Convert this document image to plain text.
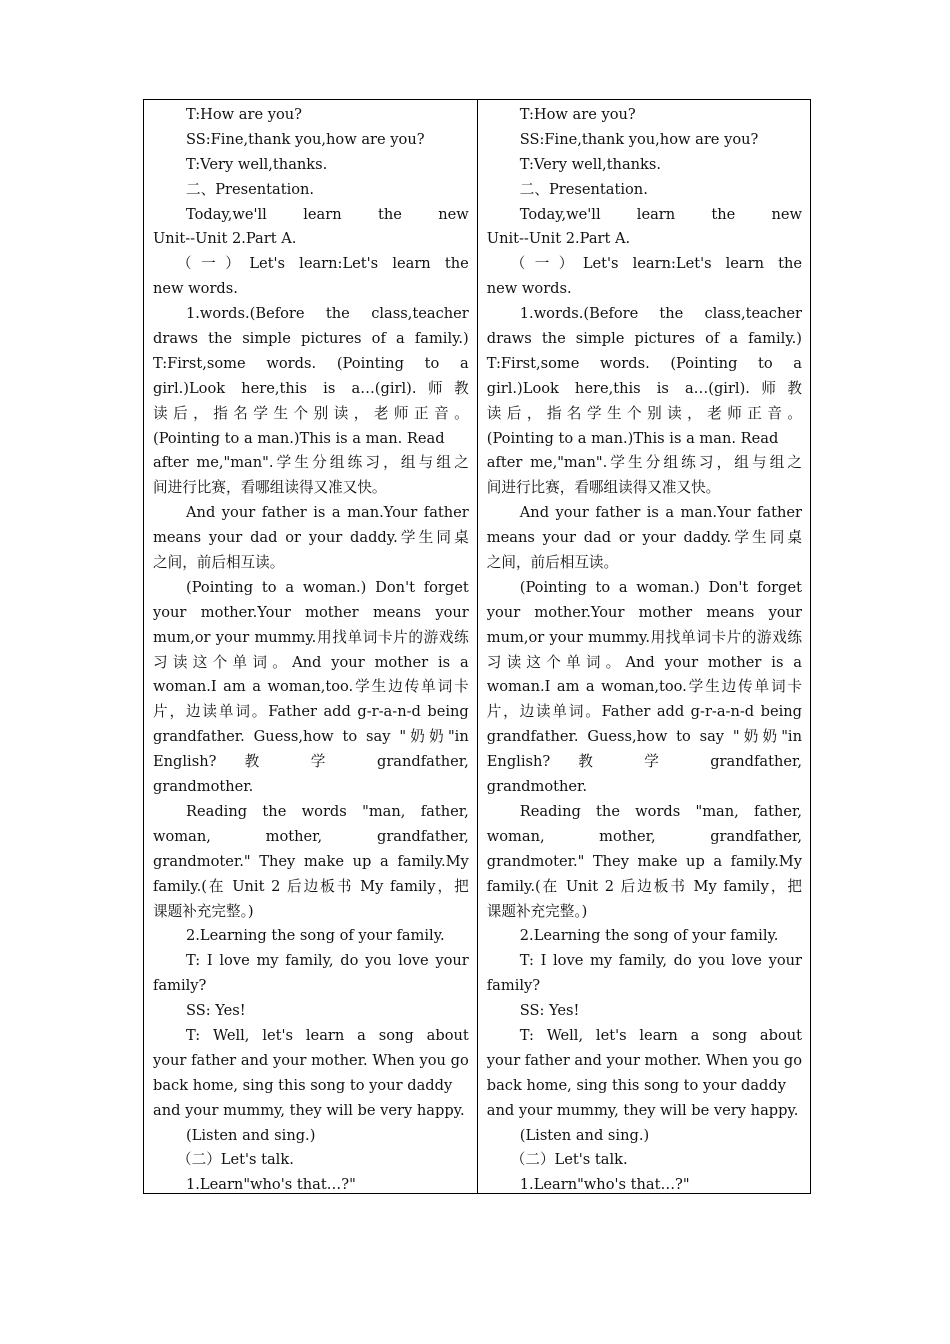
T:How are you?
SS:Fine,thank you,how are you?
T:Very well,thanks.
二、Presentation.
Today,we'll learn the new
Unit--Unit 2.Part A.
（一）Let's learn:Let's learn the
new words.
1.words.(Before the class,teacher
draws the simple pictures of a family.)
T:First,some words. (Pointing to a
girl.)Look here,this is a…(girl).师教
读后，指名学生个别读，老师正音。
(Pointing to a man.)This is a man. Read
after me,"man".学生分组练习，组与组之
间进行比赛，看哪组读得又准又快。
And your father is a man.Your father
means your dad or your daddy.学生同桌
之间，前后相互读。
(Pointing to a woman.) Don't forget
your mother.Your mother means your
mum,or your mummy.用找单词卡片的游戏练
习读这个单词。And your mother is a
woman.I am a woman,too.学生边传单词卡
片，边读单词。Father add g-r-a-n-d being
grandfather. Guess,how to say "奶奶"in
English? 教 学 grandfather,
grandmother.
Reading the words "man, father,
woman, mother, grandfather,
grandmoter." They make up a family.My
family.(在 Unit 2 后边板书 My family，把
课题补充完整。)
2.Learning the song of your family.
T: I love my family, do you love your
family?
SS: Yes!
T: Well, let's learn a song about
your father and your mother. When you go
back home, sing this song to your daddy
and your mummy, they will be very happy.
(Listen and sing.)
（二）Let's talk.
1.Learn"who's that…?"
T:How are you?
SS:Fine,thank you,how are you?
T:Very well,thanks.
二、Presentation.
Today,we'll learn the new
Unit--Unit 2.Part A.
（一）Let's learn:Let's learn the
new words.
1.words.(Before the class,teacher
draws the simple pictures of a family.)
T:First,some words. (Pointing to a
girl.)Look here,this is a…(girl).师教
读后，指名学生个别读，老师正音。
(Pointing to a man.)This is a man. Read
after me,"man".学生分组练习，组与组之
间进行比赛，看哪组读得又准又快。
And your father is a man.Your father
means your dad or your daddy.学生同桌
之间，前后相互读。
(Pointing to a woman.) Don't forget
your mother.Your mother means your
mum,or your mummy.用找单词卡片的游戏练
习读这个单词。And your mother is a
woman.I am a woman,too.学生边传单词卡
片，边读单词。Father add g-r-a-n-d being
grandfather. Guess,how to say "奶奶"in
English? 教 学 grandfather,
grandmother.
Reading the words "man, father,
woman, mother, grandfather,
grandmoter." They make up a family.My
family.(在 Unit 2 后边板书 My family，把
课题补充完整。)
2.Learning the song of your family.
T: I love my family, do you love your
family?
SS: Yes!
T: Well, let's learn a song about
your father and your mother. When you go
back home, sing this song to your daddy
and your mummy, they will be very happy.
(Listen and sing.)
（二）Let's talk.
1.Learn"who's that…?"
